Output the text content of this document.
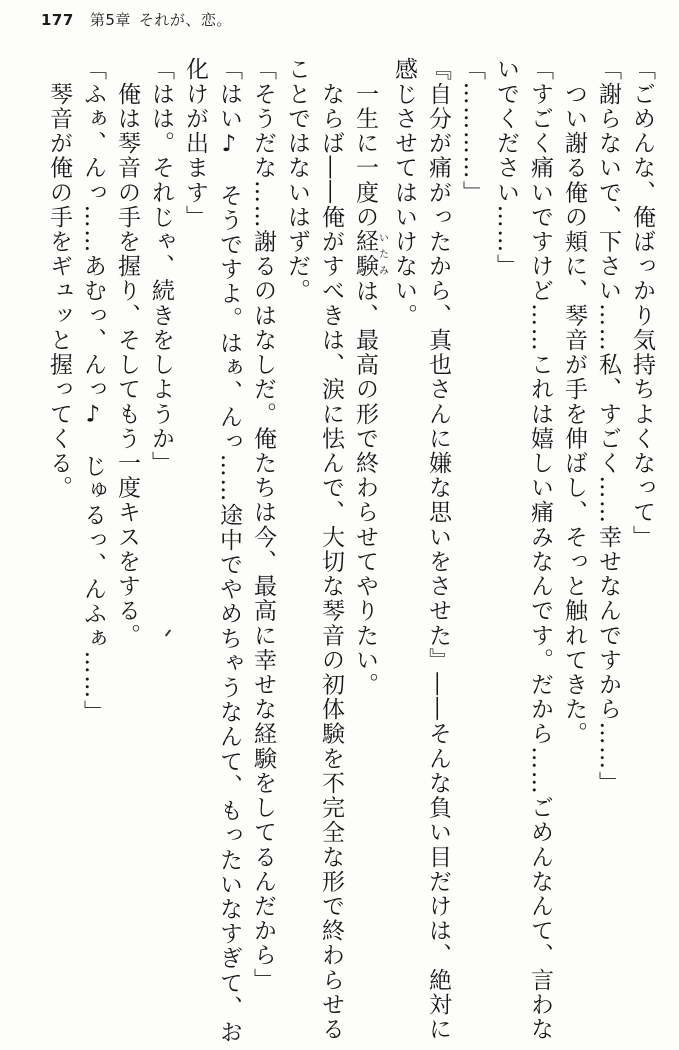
177 第5章 それが、恋。

「ごめんな、俺ばっかり気持ちよくなって」

「謝らないで、下さい……私、すごく……幸せなんですから……」

　つい謝る俺の頬に、琴音が手を伸ばし、そっと触れてきた。

「すごく痛いですけど……これは嬉しい痛みなんです。だから……ごめんなんて、言わないでください……」

「…………」

『自分が痛がったから、真也さんに嫌な思いをさせた』――そんな負い目だけは、絶対に感じさせてはいけない。

　一生に一度の経験いたみは、最高の形で終わらせてやりたい。

　ならば――俺がすべきは、涙に怯んで、大切な琴音の初体験を不完全な形で終わらせることではないはずだ。

「そうだな……謝るのはなしだ。俺たちは今、最高に幸せな経験をしてるんだから」

「はい♪　そうですよ。はぁ、んっ……途中でやめちゃうなんて、もったいなすぎて、お化けが出ます」

「はは。それじゃ、続きをしようか」

　俺は琴音の手を握り、そしてもう一度キスをする。

「ふぁ、んっ……あむっ、んっ♪　じゅるっ、んふぁ……」

　琴音が俺の手をギュッと握ってくる。
